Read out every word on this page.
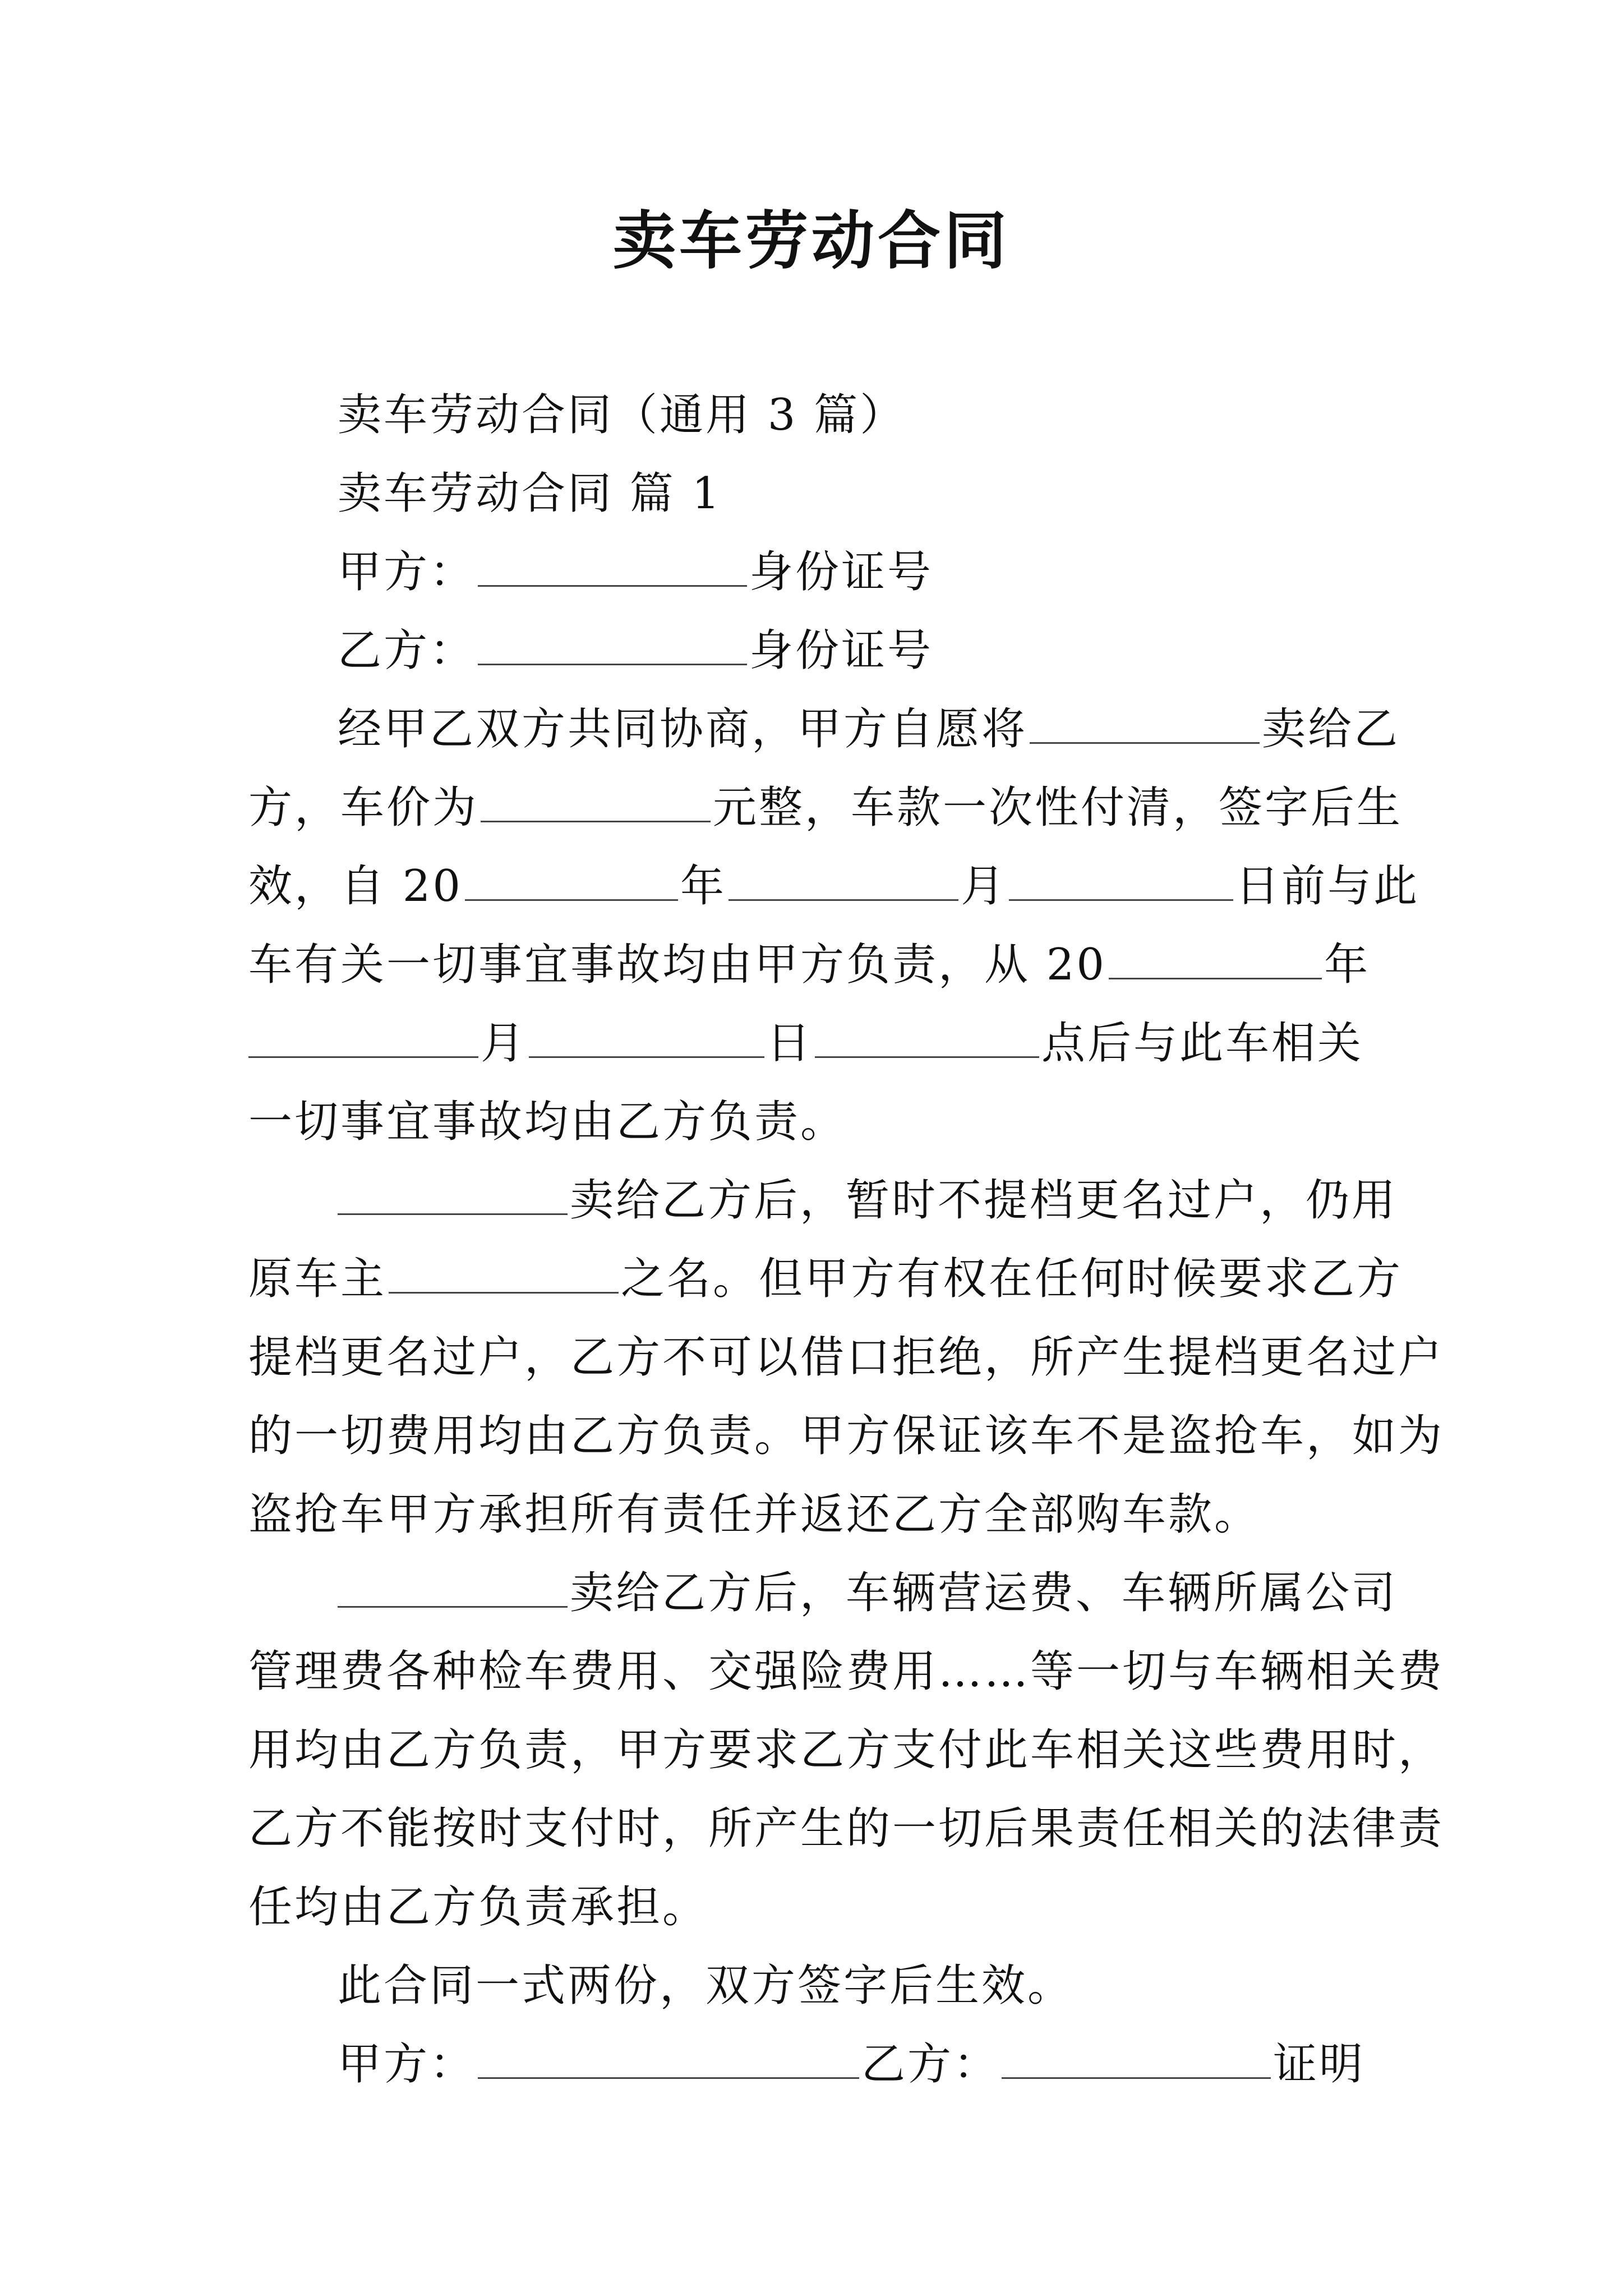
卖车劳动合同
卖车劳动合同（通用 3 篇）
卖车劳动合同 篇 1
甲方：	身份证号
乙方：	身份证号
经甲乙双方共同协商，甲方自愿将	卖给乙
方，车价为	元整，车款一次性付清，签字后生
效，自 20	年	月	日前与此
车有关一切事宜事故均由甲方负责，从 20	年
月	日	点后与此车相关
一切事宜事故均由乙方负责。
卖给乙方后，暂时不提档更名过户，仍用
原车主	之名。但甲方有权在任何时候要求乙方
提档更名过户，乙方不可以借口拒绝，所产生提档更名过户
的一切费用均由乙方负责。甲方保证该车不是盗抢车，如为
盗抢车甲方承担所有责任并返还乙方全部购车款。
卖给乙方后，车辆营运费、车辆所属公司
管理费各种检车费用、交强险费用……等一切与车辆相关费
用均由乙方负责，甲方要求乙方支付此车相关这些费用时，
乙方不能按时支付时，所产生的一切后果责任相关的法律责
任均由乙方负责承担。
此合同一式两份，双方签字后生效。
甲方：	乙方：	证明
